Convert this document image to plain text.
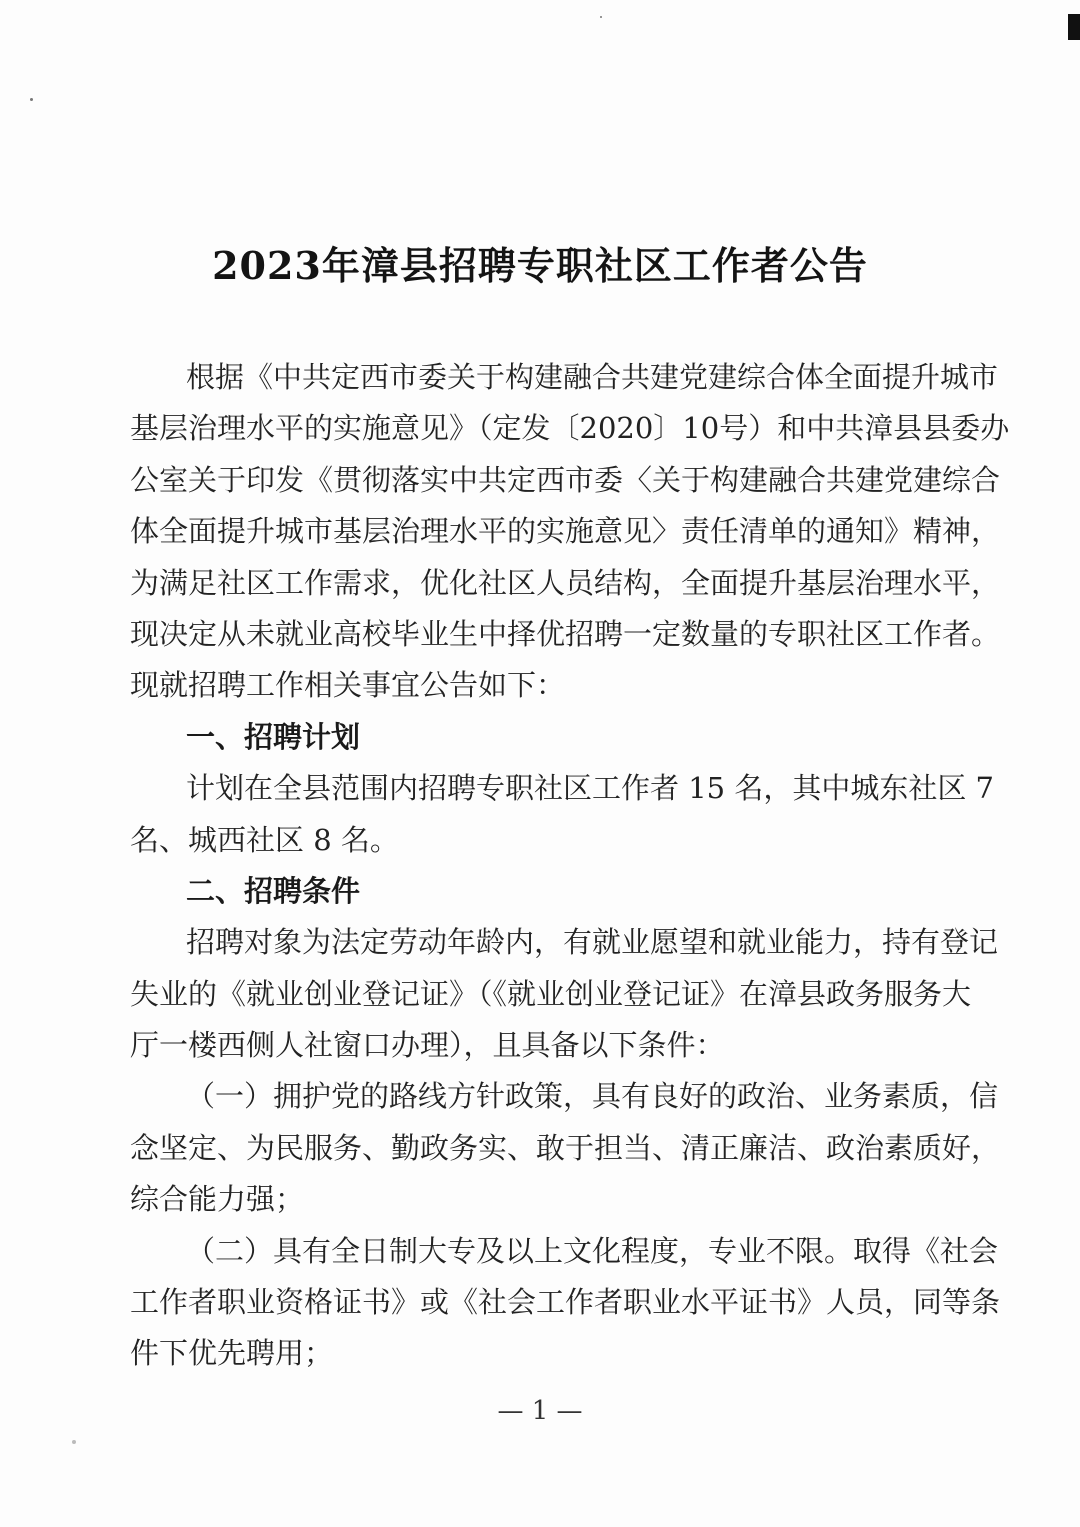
2023年漳县招聘专职社区工作者公告
根据《中共定西市委关于构建融合共建党建综合体全面提升城市
基层治理水平的实施意见》（定发〔2020〕10号）和中共漳县县委办
公室关于印发《贯彻落实中共定西市委〈关于构建融合共建党建综合
体全面提升城市基层治理水平的实施意见〉责任清单的通知》精神，
为满足社区工作需求，优化社区人员结构，全面提升基层治理水平，
现决定从未就业高校毕业生中择优招聘一定数量的专职社区工作者。
现就招聘工作相关事宜公告如下：
一、招聘计划
计划在全县范围内招聘专职社区工作者 15 名，其中城东社区 7
名、城西社区 8 名。
二、招聘条件
招聘对象为法定劳动年龄内，有就业愿望和就业能力，持有登记
失业的《就业创业登记证》（《就业创业登记证》在漳县政务服务大
厅一楼西侧人社窗口办理），且具备以下条件：
（一）拥护党的路线方针政策，具有良好的政治、业务素质，信
念坚定、为民服务、勤政务实、敢于担当、清正廉洁、政治素质好，
综合能力强；
（二）具有全日制大专及以上文化程度，专业不限。取得《社会
工作者职业资格证书》或《社会工作者职业水平证书》人员，同等条
件下优先聘用；
— 1 —
